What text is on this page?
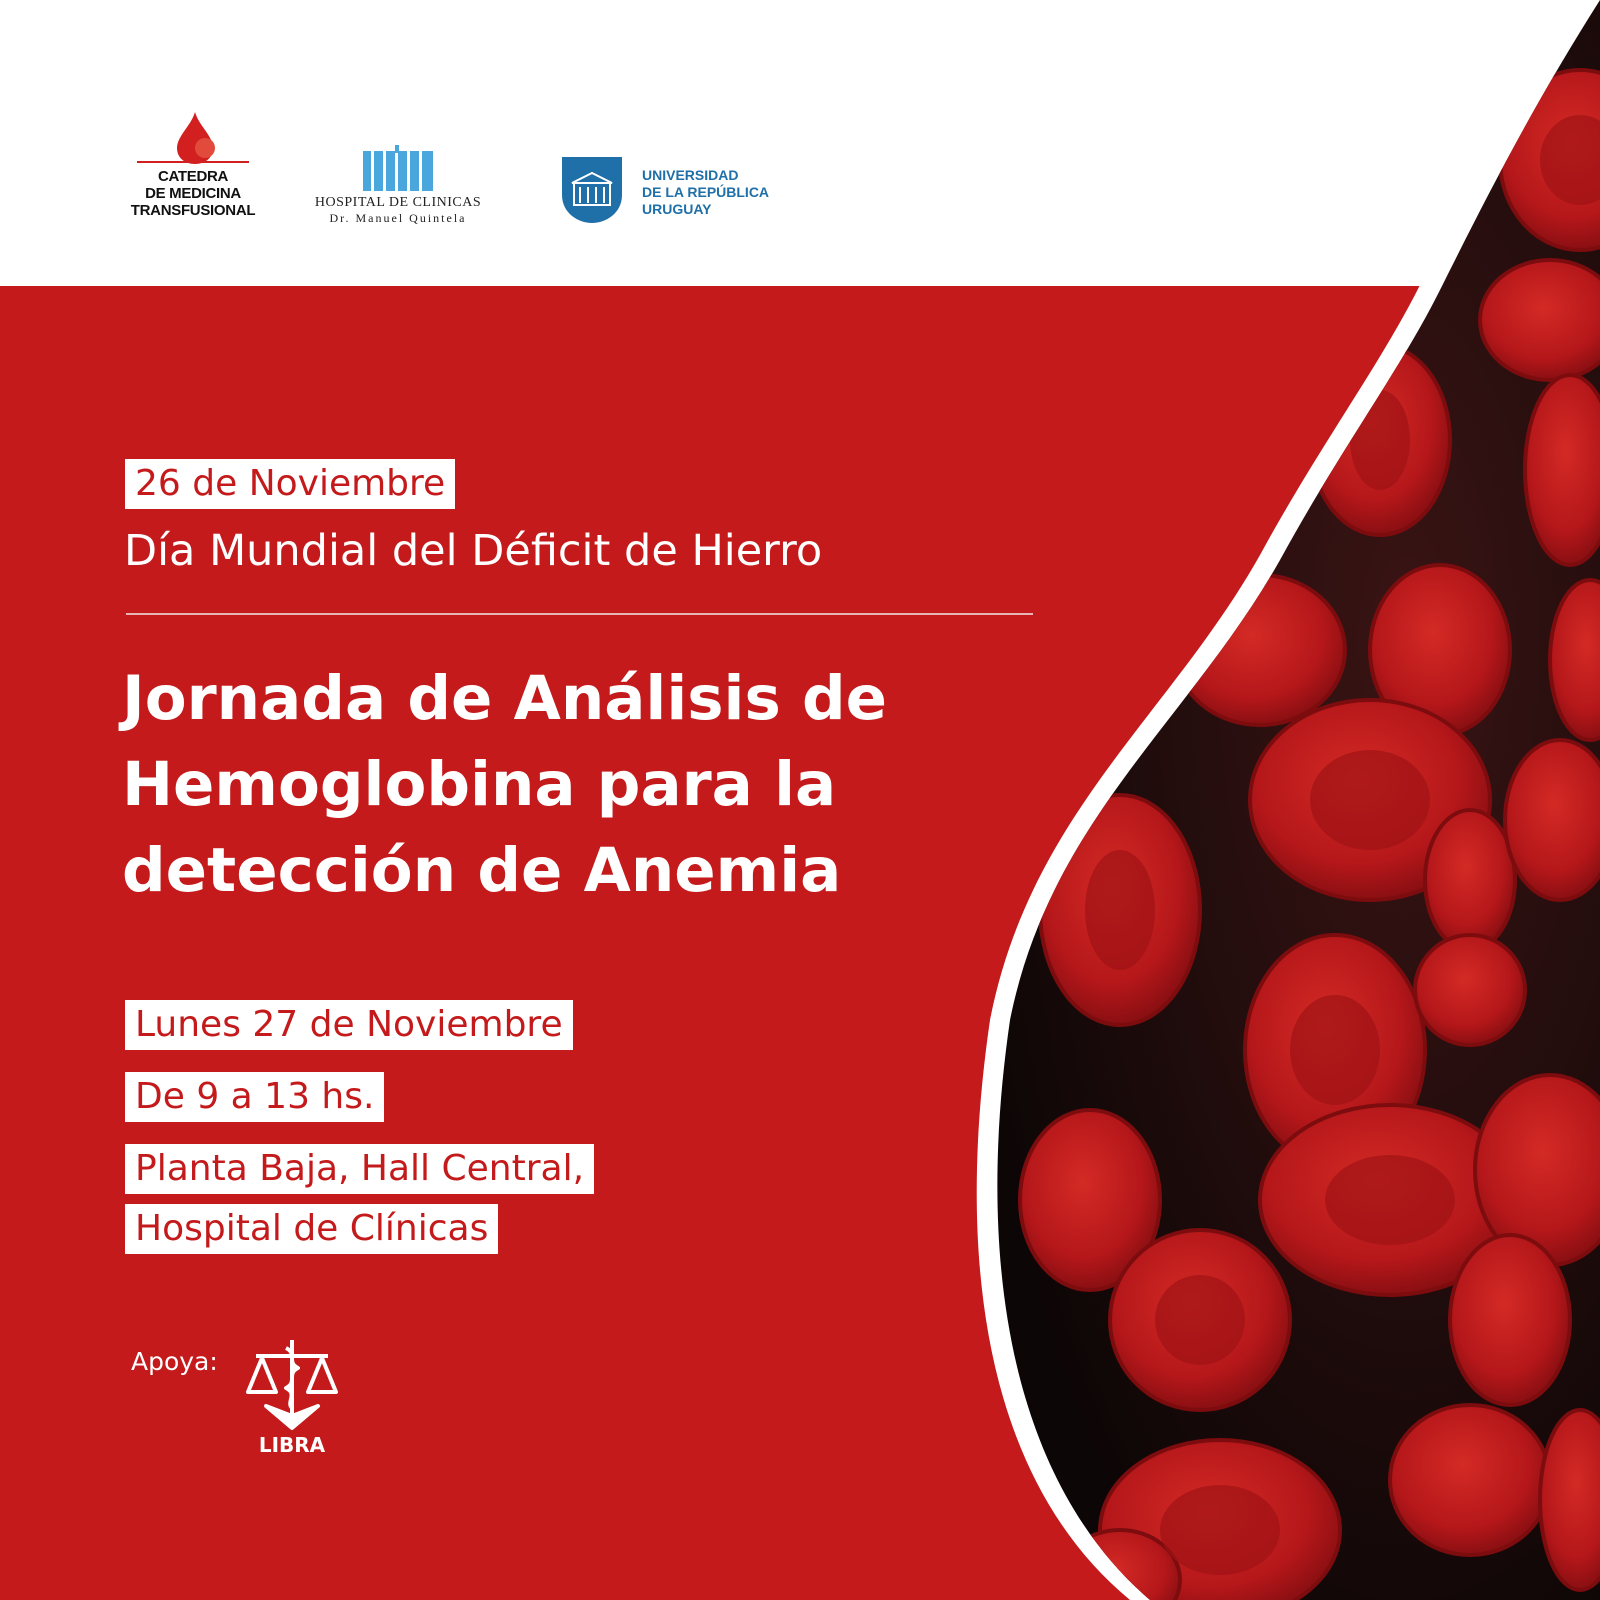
CATEDRA
DE MEDICINA
TRANSFUSIONAL	HOSPITAL DE CLINICAS
Dr. Manuel Quintela
UNIVERSIDAD
DE LA REPÚBLICA
URUGUAY
26 de Noviembre
Día Mundial del Déficit de Hierro
Jornada de Análisis de
Hemoglobina para la
detección de Anemia
Lunes 27 de Noviembre
De 9 a 13 hs.
Planta Baja, Hall Central,
Hospital de Clínicas
Apoya:
LIBRA
